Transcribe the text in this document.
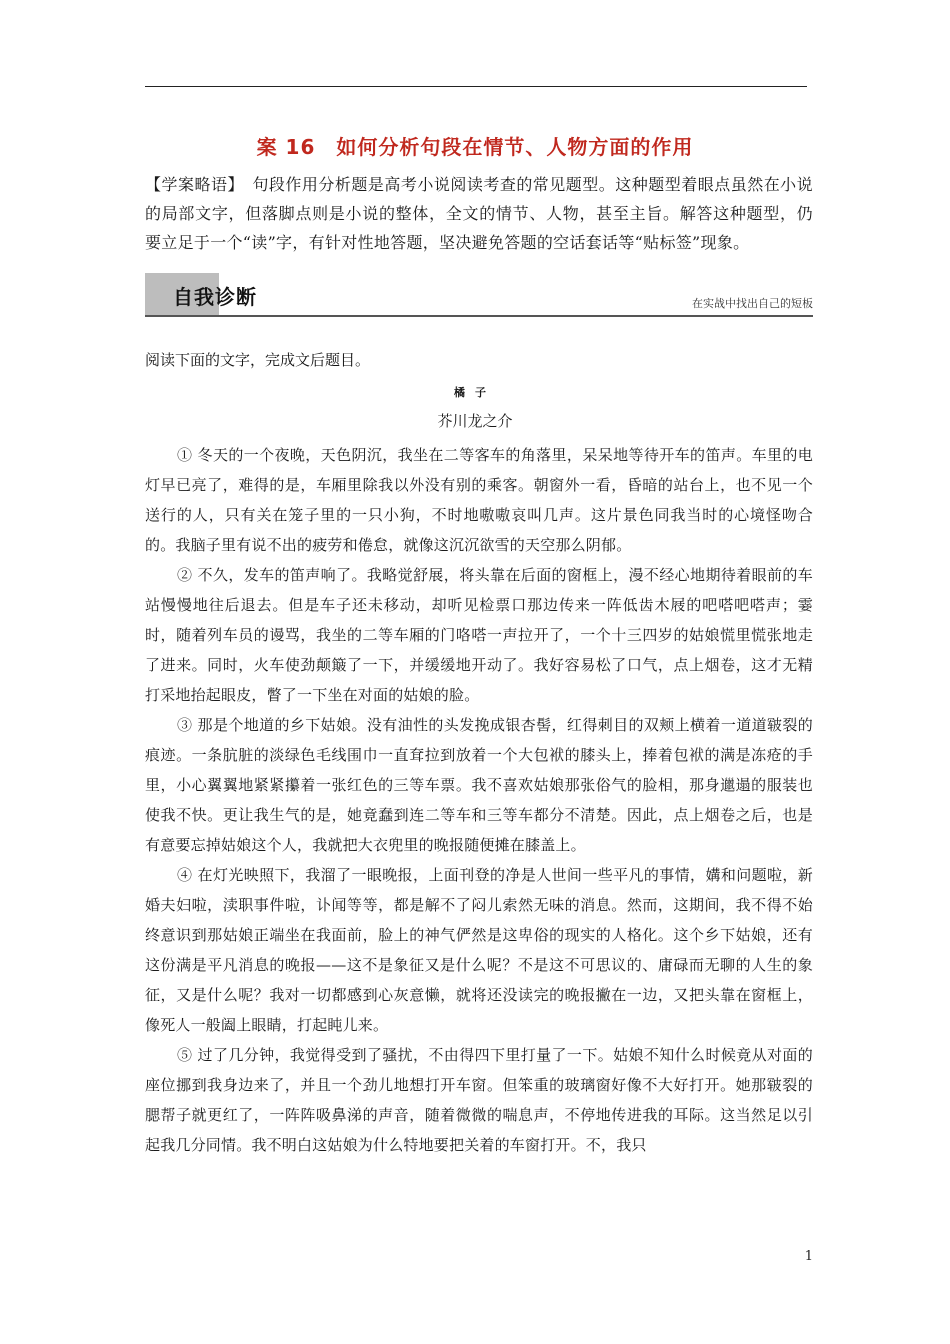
案 16　如何分析句段在情节、人物方面的作用
【学案略语】　句段作用分析题是高考小说阅读考查的常见题型。这种题型着眼点虽然在小说的局部文字，但落脚点则是小说的整体，全文的情节、人物，甚至主旨。解答这种题型，仍要立足于一个“读”字，有针对性地答题，坚决避免答题的空话套话等“贴标签”现象。
自我诊断	在实战中找出自己的短板
阅读下面的文字，完成文后题目。
橘子
芥川龙之介

① 冬天的一个夜晚，天色阴沉，我坐在二等客车的角落里，呆呆地等待开车的笛声。车里的电灯早已亮了，难得的是，车厢里除我以外没有别的乘客。朝窗外一看，昏暗的站台上，也不见一个送行的人，只有关在笼子里的一只小狗，不时地嗷嗷哀叫几声。这片景色同我当时的心境怪吻合的。我脑子里有说不出的疲劳和倦怠，就像这沉沉欲雪的天空那么阴郁。

② 不久，发车的笛声响了。我略觉舒展，将头靠在后面的窗框上，漫不经心地期待着眼前的车站慢慢地往后退去。但是车子还未移动，却听见检票口那边传来一阵低齿木屐的吧嗒吧嗒声；霎时，随着列车员的谩骂，我坐的二等车厢的门咯嗒一声拉开了，一个十三四岁的姑娘慌里慌张地走了进来。同时，火车使劲颠簸了一下，并缓缓地开动了。我好容易松了口气，点上烟卷，这才无精打采地抬起眼皮，瞥了一下坐在对面的姑娘的脸。

③ 那是个地道的乡下姑娘。没有油性的头发挽成银杏髻，红得刺目的双颊上横着一道道皲裂的痕迹。一条肮脏的淡绿色毛线围巾一直耷拉到放着一个大包袱的膝头上，捧着包袱的满是冻疮的手里，小心翼翼地紧紧攥着一张红色的三等车票。我不喜欢姑娘那张俗气的脸相，那身邋遢的服装也使我不快。更让我生气的是，她竟蠢到连二等车和三等车都分不清楚。因此，点上烟卷之后，也是有意要忘掉姑娘这个人，我就把大衣兜里的晚报随便摊在膝盖上。

④ 在灯光映照下，我溜了一眼晚报，上面刊登的净是人世间一些平凡的事情，媾和问题啦，新婚夫妇啦，渎职事件啦，讣闻等等，都是解不了闷儿索然无味的消息。然而，这期间，我不得不始终意识到那姑娘正端坐在我面前，脸上的神气俨然是这卑俗的现实的人格化。这个乡下姑娘，还有这份满是平凡消息的晚报——这不是象征又是什么呢？不是这不可思议的、庸碌而无聊的人生的象征，又是什么呢？我对一切都感到心灰意懒，就将还没读完的晚报撇在一边，又把头靠在窗框上，像死人一般阖上眼睛，打起盹儿来。

⑤ 过了几分钟，我觉得受到了骚扰，不由得四下里打量了一下。姑娘不知什么时候竟从对面的座位挪到我身边来了，并且一个劲儿地想打开车窗。但笨重的玻璃窗好像不大好打开。她那皲裂的腮帮子就更红了，一阵阵吸鼻涕的声音，随着微微的喘息声，不停地传进我的耳际。这当然足以引起我几分同情。我不明白这姑娘为什么特地要把关着的车窗打开。不，我只

1
